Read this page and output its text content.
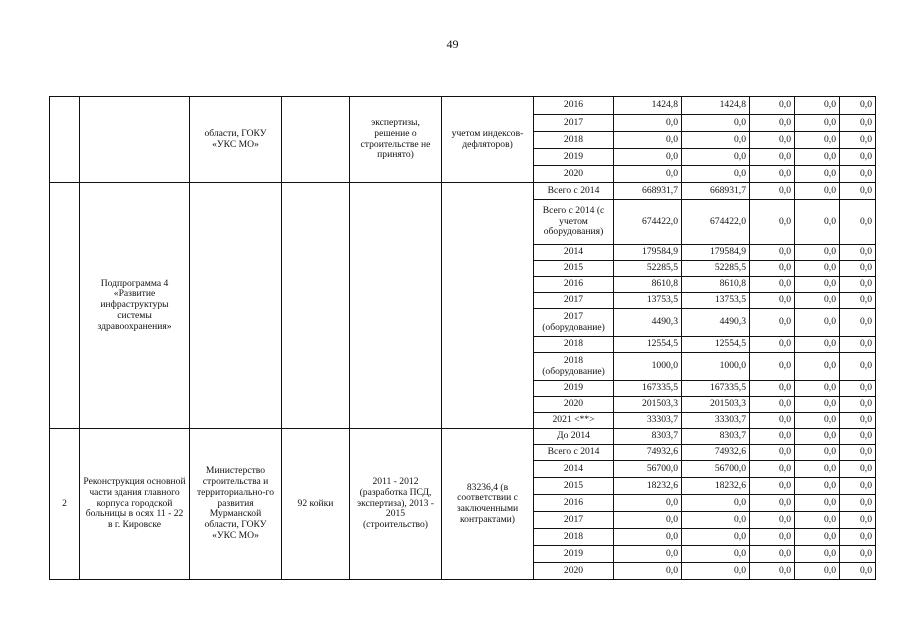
49
		области, ГОКУ «УКС МО»		экспертизы, решение о строительстве не принято)	учетом индексов-дефляторов)	2016	1424,8	1424,8	0,0	0,0	0,0
						2017	0,0	0,0	0,0	0,0	0,0
						2018	0,0	0,0	0,0	0,0	0,0
						2019	0,0	0,0	0,0	0,0	0,0
						2020	0,0	0,0	0,0	0,0	0,0
	Подпрограмма 4 «Развитие инфраструктуры системы здравоохранения»					Всего с 2014	668931,7	668931,7	0,0	0,0	0,0
						Всего с 2014 (с учетом оборудования)	674422,0	674422,0	0,0	0,0	0,0
						2014	179584,9	179584,9	0,0	0,0	0,0
						2015	52285,5	52285,5	0,0	0,0	0,0
						2016	8610,8	8610,8	0,0	0,0	0,0
						2017	13753,5	13753,5	0,0	0,0	0,0
						2017 (оборудование)	4490,3	4490,3	0,0	0,0	0,0
						2018	12554,5	12554,5	0,0	0,0	0,0
						2018 (оборудование)	1000,0	1000,0	0,0	0,0	0,0
						2019	167335,5	167335,5	0,0	0,0	0,0
						2020	201503,3	201503,3	0,0	0,0	0,0
						2021 <**>	33303,7	33303,7	0,0	0,0	0,0
2	Реконструкция основной части здания главного корпуса городской больницы в осях 11 - 22 в г. Кировске	Министерство строительства и территориально-го развития Мурманской области, ГОКУ «УКС МО»	92 койки	2011 - 2012 (разработка ПСД, экспертиза), 2013 - 2015 (строительство)	83236,4 (в соответствии с заключенными контрактами)	До 2014	8303,7	8303,7	0,0	0,0	0,0
						Всего с 2014	74932,6	74932,6	0,0	0,0	0,0
						2014	56700,0	56700,0	0,0	0,0	0,0
						2015	18232,6	18232,6	0,0	0,0	0,0
						2016	0,0	0,0	0,0	0,0	0,0
						2017	0,0	0,0	0,0	0,0	0,0
						2018	0,0	0,0	0,0	0,0	0,0
						2019	0,0	0,0	0,0	0,0	0,0
						2020	0,0	0,0	0,0	0,0	0,0
